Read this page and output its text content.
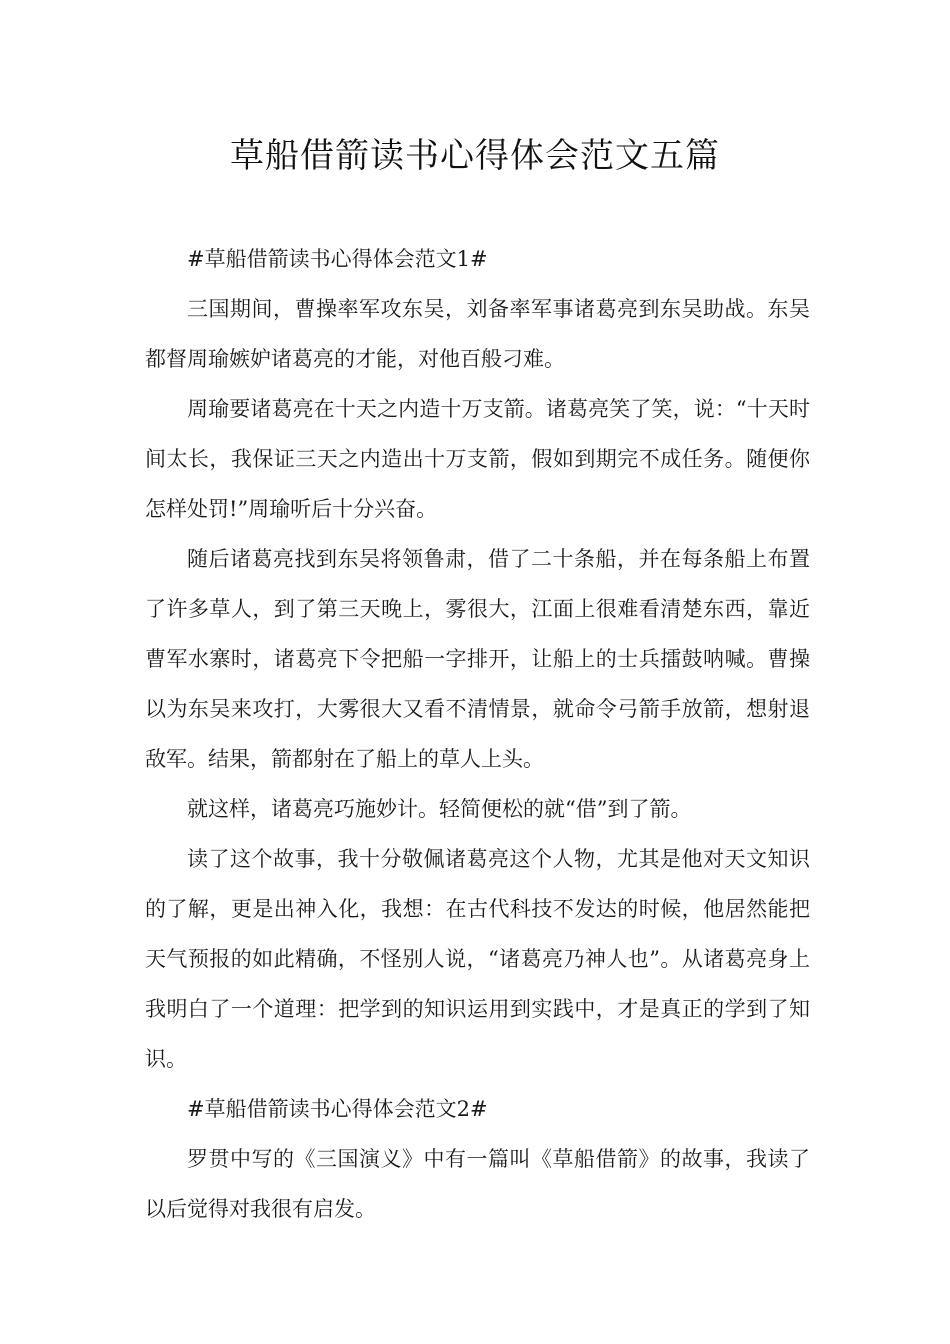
草船借箭读书心得体会范文五篇

#草船借箭读书心得体会范文1#

三国期间，曹操率军攻东吴，刘备率军事诸葛亮到东吴助战。东吴都督周瑜嫉妒诸葛亮的才能，对他百般刁难。

周瑜要诸葛亮在十天之内造十万支箭。诸葛亮笑了笑，说：“十天时间太长，我保证三天之内造出十万支箭，假如到期完不成任务。随便你怎样处罚!”周瑜听后十分兴奋。

随后诸葛亮找到东吴将领鲁肃，借了二十条船，并在每条船上布置了许多草人，到了第三天晚上，雾很大，江面上很难看清楚东西，靠近曹军水寨时，诸葛亮下令把船一字排开，让船上的士兵擂鼓呐喊。曹操以为东吴来攻打，大雾很大又看不清情景，就命令弓箭手放箭，想射退敌军。结果，箭都射在了船上的草人上头。

就这样，诸葛亮巧施妙计。轻简便松的就“借”到了箭。

读了这个故事，我十分敬佩诸葛亮这个人物，尤其是他对天文知识的了解，更是出神入化，我想：在古代科技不发达的时候，他居然能把天气预报的如此精确，不怪别人说，“诸葛亮乃神人也”。从诸葛亮身上我明白了一个道理：把学到的知识运用到实践中，才是真正的学到了知识。

#草船借箭读书心得体会范文2#

罗贯中写的《三国演义》中有一篇叫《草船借箭》的故事，我读了以后觉得对我很有启发。
